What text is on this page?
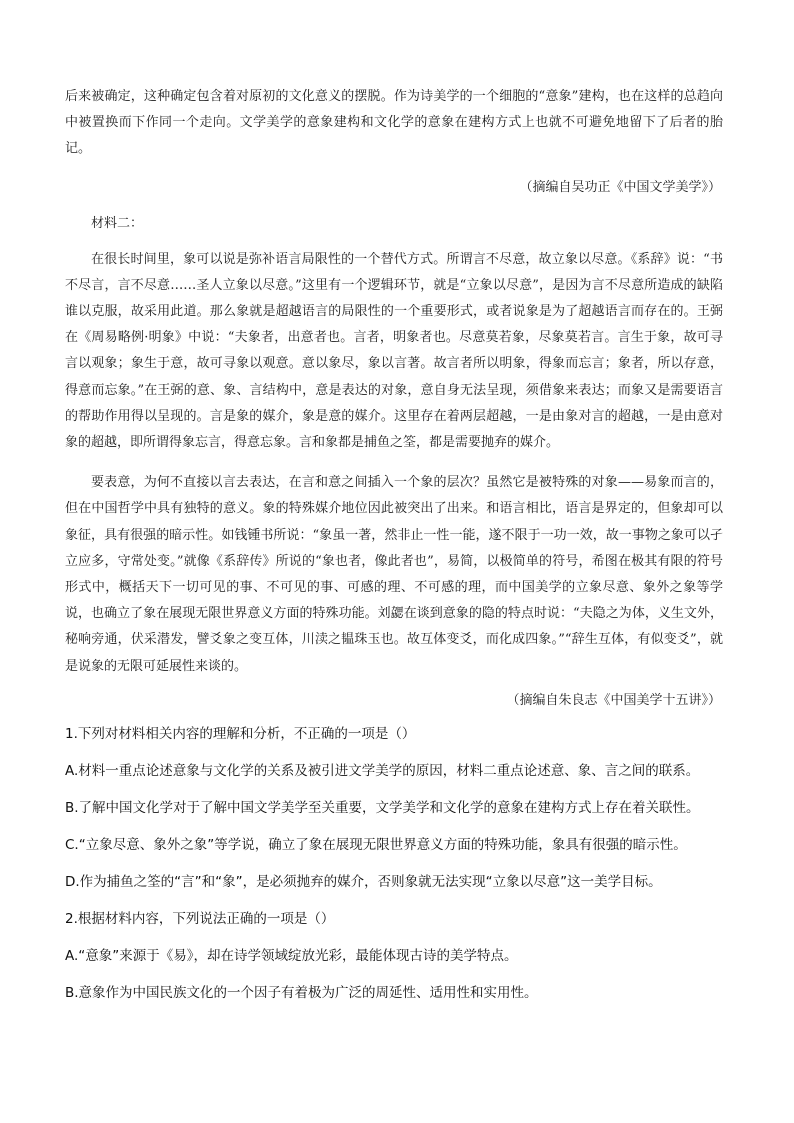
后来被确定，这种确定包含着对原初的文化意义的摆脱。作为诗美学的一个细胞的“意象”建构，也在这样的总趋向中被置换而下作同一个走向。文学美学的意象建构和文化学的意象在建构方式上也就不可避免地留下了后者的胎记。

（摘编自吴功正《中国文学美学》）

材料二：

在很长时间里，象可以说是弥补语言局限性的一个替代方式。所谓言不尽意，故立象以尽意。《系辞》说：“书不尽言，言不尽意……圣人立象以尽意。”这里有一个逻辑环节，就是“立象以尽意”，是因为言不尽意所造成的缺陷谁以克服，故采用此道。那么象就是超越语言的局限性的一个重要形式，或者说象是为了超越语言而存在的。王弼在《周易略例·明象》中说：“夫象者，出意者也。言者，明象者也。尽意莫若象，尽象莫若言。言生于象，故可寻言以观象；象生于意，故可寻象以观意。意以象尽，象以言著。故言者所以明象，得象而忘言；象者，所以存意，得意而忘象。”在王弼的意、象、言结构中，意是表达的对象，意自身无法呈现，须借象来表达；而象又是需要语言的帮助作用得以呈现的。言是象的媒介，象是意的媒介。这里存在着两层超越，一是由象对言的超越，一是由意对象的超越，即所谓得象忘言，得意忘象。言和象都是捕鱼之筌，都是需要抛弃的媒介。

要表意，为何不直接以言去表达，在言和意之间插入一个象的层次？虽然它是被特殊的对象——易象而言的，但在中国哲学中具有独特的意义。象的特殊媒介地位因此被突出了出来。和语言相比，语言是界定的，但象却可以象征，具有很强的暗示性。如钱锺书所说：“象虽一著，然非止一性一能，遂不限于一功一效，故一事物之象可以孑立应多，守常处变。”就像《系辞传》所说的“象也者，像此者也”，易简，以极简单的符号，希图在极其有限的符号形式中，概括天下一切可见的事、不可见的事、可感的理、不可感的理，而中国美学的立象尽意、象外之象等学说，也确立了象在展现无限世界意义方面的特殊功能。刘勰在谈到意象的隐的特点时说：“夫隐之为体，义生文外，秘响旁通，伏采潜发，譬爻象之变互体，川渎之韫珠玉也。故互体变爻，而化成四象。”“辞生互体，有似变爻”，就是说象的无限可延展性来谈的。

（摘编自朱良志《中国美学十五讲》）

1.下列对材料相关内容的理解和分析，不正确的一项是（）

A.材料一重点论述意象与文化学的关系及被引进文学美学的原因，材料二重点论述意、象、言之间的联系。

B.了解中国文化学对于了解中国文学美学至关重要，文学美学和文化学的意象在建构方式上存在着关联性。

C.“立象尽意、象外之象”等学说，确立了象在展现无限世界意义方面的特殊功能，象具有很强的暗示性。

D.作为捕鱼之筌的“言”和“象”，是必须抛弃的媒介，否则象就无法实现“立象以尽意”这一美学目标。

2.根据材料内容，下列说法正确的一项是（）

A.“意象”来源于《易》，却在诗学领域绽放光彩，最能体现古诗的美学特点。

B.意象作为中国民族文化的一个因子有着极为广泛的周延性、适用性和实用性。
